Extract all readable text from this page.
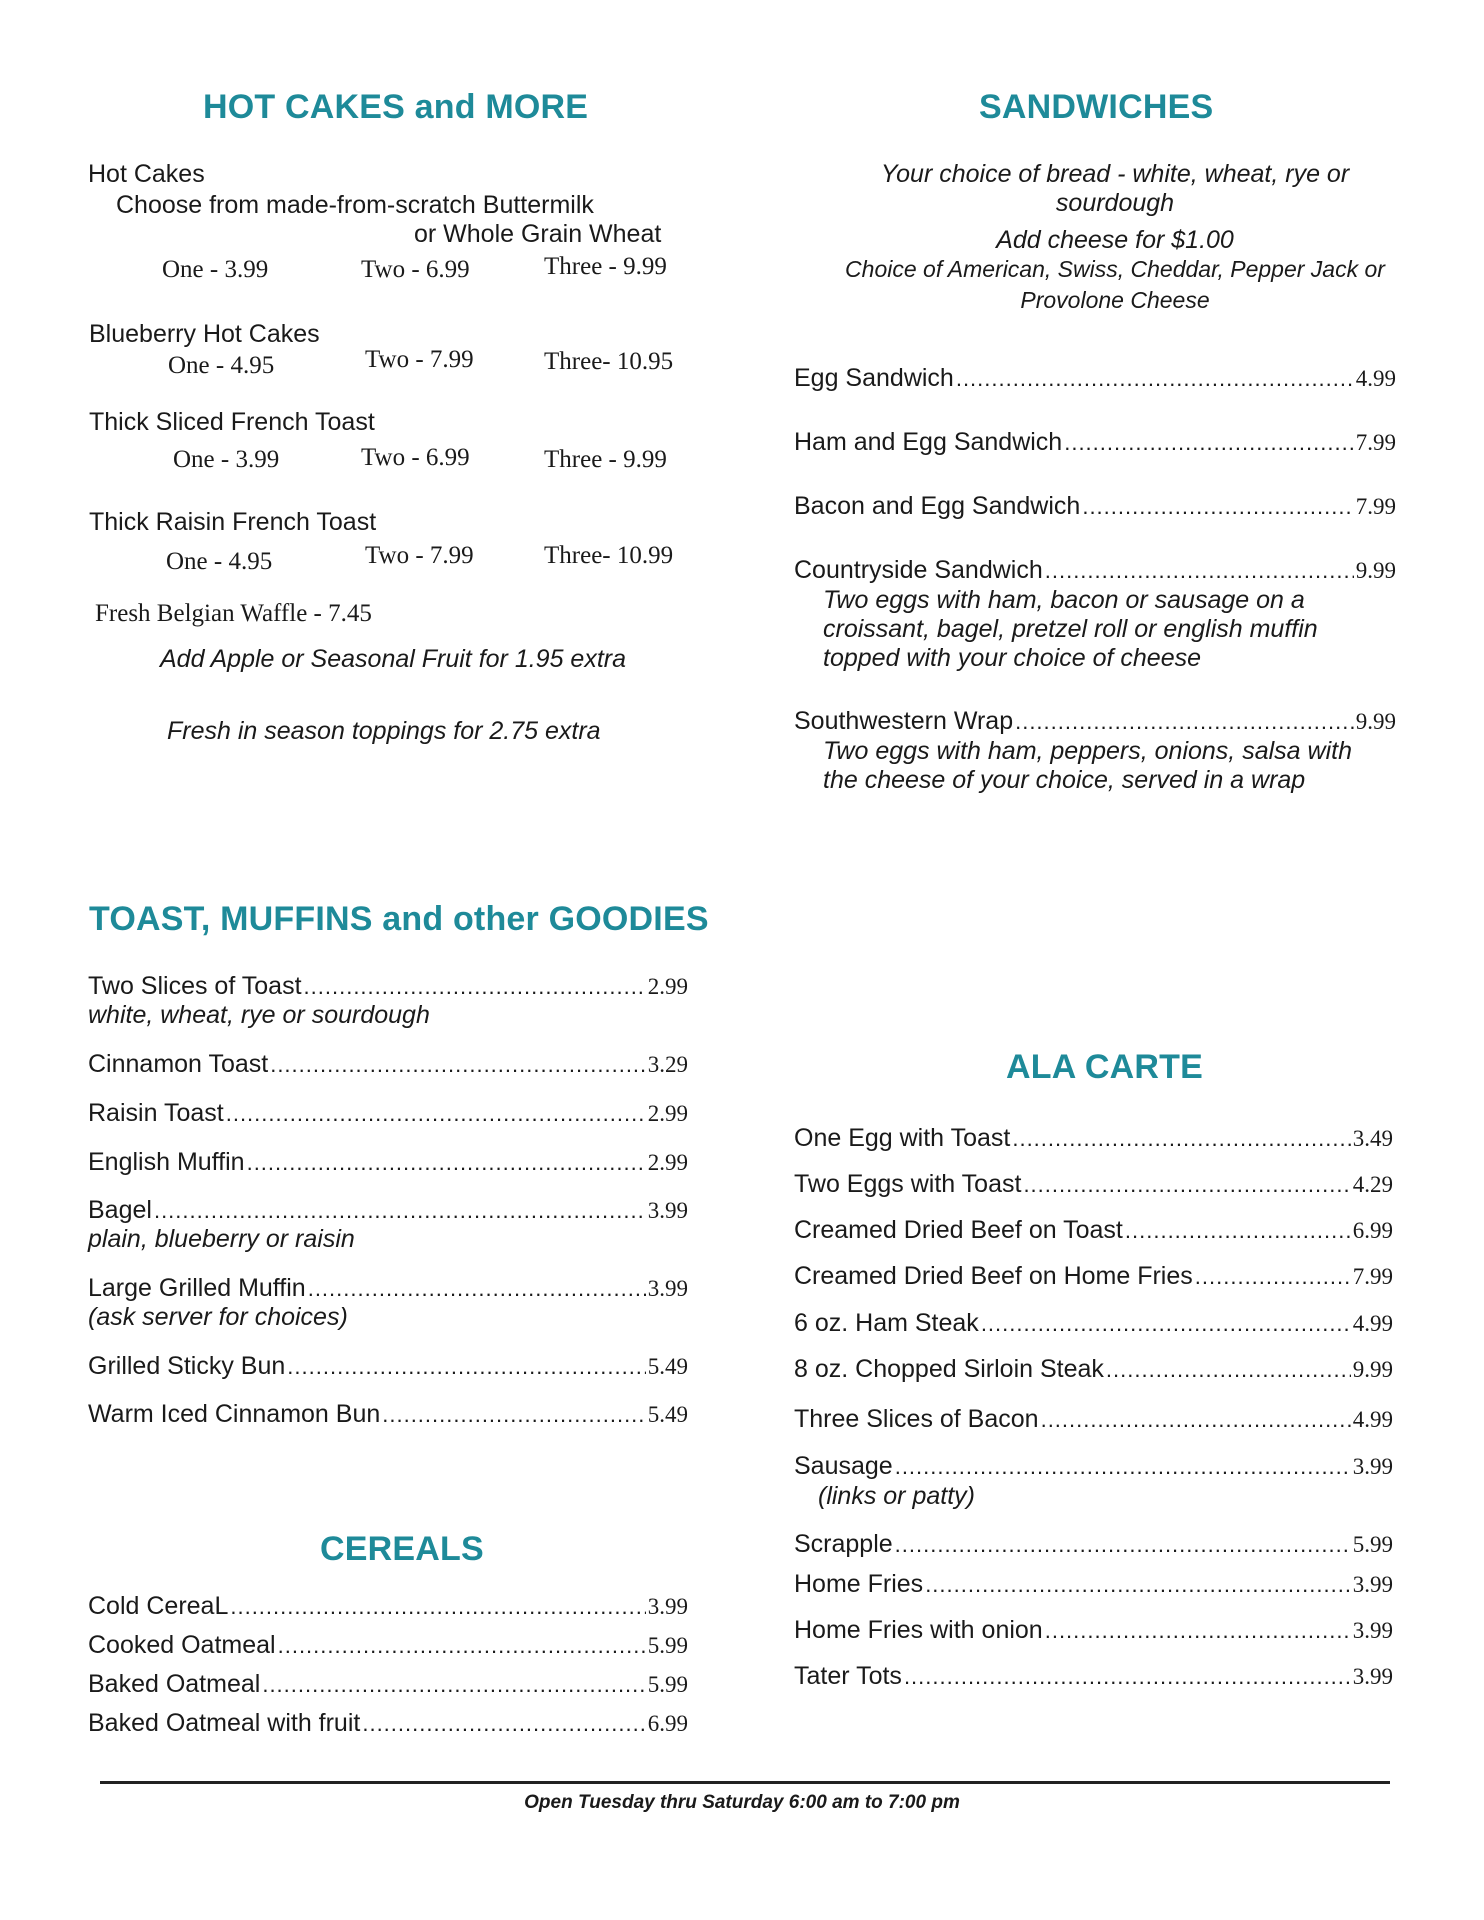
HOT CAKES and MORE
Hot Cakes
Choose from made-from-scratch Buttermilk
or Whole Grain Wheat
One - 3.99	Two - 6.99	Three - 9.99
Blueberry Hot Cakes
One - 4.95	Two - 7.99	Three- 10.95
Thick Sliced French Toast
One - 3.99	Two - 6.99	Three - 9.99
Thick Raisin French Toast
One - 4.95	Two - 7.99	Three- 10.99
Fresh Belgian Waffle - 7.45
Add Apple or Seasonal Fruit for 1.95 extra
Fresh in season toppings for 2.75 extra
SANDWICHES
Your choice of bread - white, wheat, rye or
sourdough
Add cheese for $1.00
Choice of American, Swiss, Cheddar, Pepper Jack or
Provolone Cheese
Egg Sandwich .....	4.99
Ham and Egg Sandwich .....	7.99
Bacon and Egg Sandwich .....	7.99
Countryside Sandwich .....	9.99
Two eggs with ham, bacon or sausage on a
croissant, bagel, pretzel roll or english muffin
topped with your choice of cheese
Southwestern Wrap .....	9.99
Two eggs with ham, peppers, onions, salsa with
the cheese of your choice, served in a wrap
TOAST, MUFFINS and other GOODIES
Two Slices of Toast .....	2.99
white, wheat, rye or sourdough
Cinnamon Toast .....	3.29
Raisin Toast .....	2.99
English Muffin .....	2.99
Bagel .....	3.99
plain, blueberry or raisin
Large Grilled Muffin .....	3.99
(ask server for choices)
Grilled Sticky Bun .....	5.49
Warm Iced Cinnamon Bun .....	5.49
CEREALS
Cold CereaL .....	3.99
Cooked Oatmeal .....	5.99
Baked Oatmeal .....	5.99
Baked Oatmeal with fruit .....	6.99
ALA CARTE
One Egg with Toast .....	3.49
Two Eggs with Toast .....	4.29
Creamed Dried Beef on Toast .....	6.99
Creamed Dried Beef on Home Fries .....	7.99
6 oz. Ham Steak .....	4.99
8 oz. Chopped Sirloin Steak .....	9.99
Three Slices of Bacon .....	4.99
Sausage .....	3.99
(links or patty)
Scrapple .....	5.99
Home Fries .....	3.99
Home Fries with onion .....	3.99
Tater Tots .....	3.99
Open Tuesday thru Saturday 6:00 am to 7:00 pm
